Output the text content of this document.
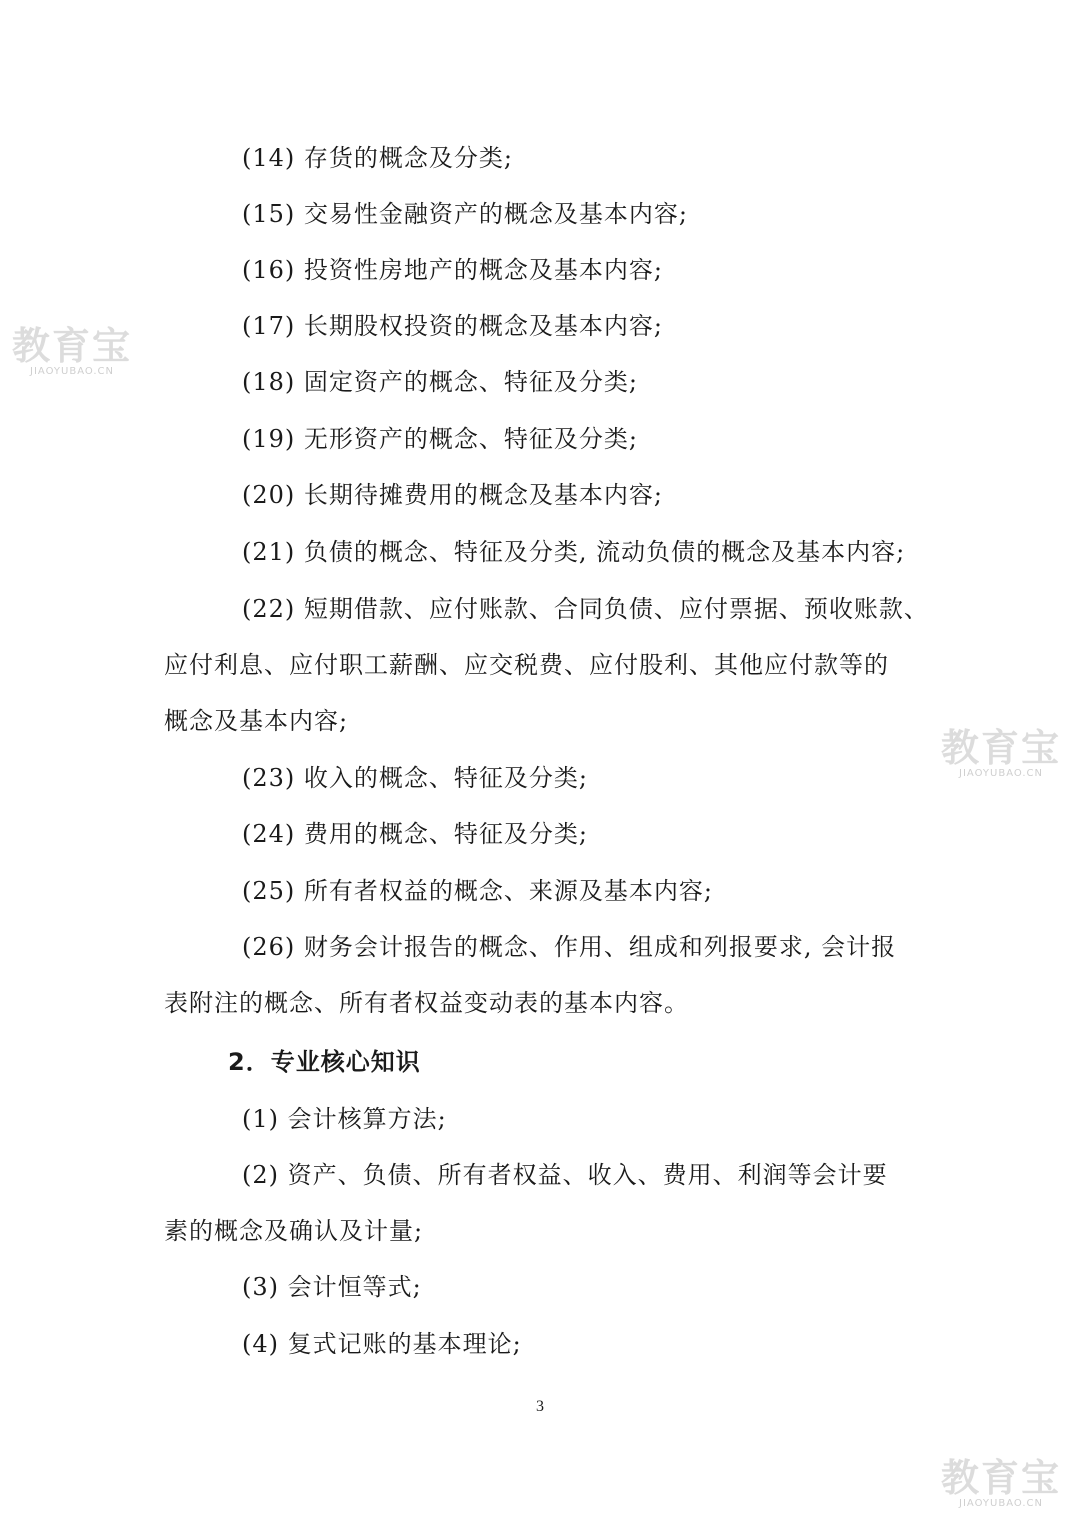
(14) 存货的概念及分类;
(15) 交易性金融资产的概念及基本内容;
(16) 投资性房地产的概念及基本内容;
(17) 长期股权投资的概念及基本内容;
(18) 固定资产的概念、特征及分类;
(19) 无形资产的概念、特征及分类;
(20) 长期待摊费用的概念及基本内容;
(21) 负债的概念、特征及分类, 流动负债的概念及基本内容;
(22) 短期借款、应付账款、合同负债、应付票据、预收账款、
应付利息、应付职工薪酬、应交税费、应付股利、其他应付款等的
概念及基本内容;
(23) 收入的概念、特征及分类;
(24) 费用的概念、特征及分类;
(25) 所有者权益的概念、来源及基本内容;
(26) 财务会计报告的概念、作用、组成和列报要求, 会计报
表附注的概念、所有者权益变动表的基本内容。
2．专业核心知识
(1) 会计核算方法;
(2) 资产、负债、所有者权益、收入、费用、利润等会计要
素的概念及确认及计量;
(3) 会计恒等式;
(4) 复式记账的基本理论;
3
教育宝
JIAOYUBAO.CN
教育宝
JIAOYUBAO.CN
教育宝
JIAOYUBAO.CN
